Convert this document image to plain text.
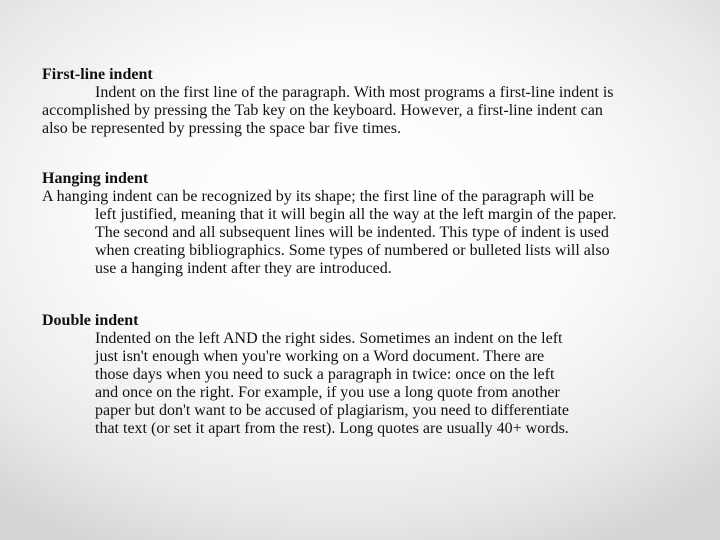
First-line indent

Indent on the first line of the paragraph. With most programs a first-line indent is

accomplished by pressing the Tab key on the keyboard. However, a first-line indent can

also be represented by pressing the space bar five times.

Hanging indent

A hanging indent can be recognized by its shape; the first line of the paragraph will be

left justified, meaning that it will begin all the way at the left margin of the paper.

The second and all subsequent lines will be indented. This type of indent is used

when creating bibliographics. Some types of numbered or bulleted lists will also

use a hanging indent after they are introduced.

Double indent

Indented on the left AND the right sides. Sometimes an indent on the left

just isn't enough when you're working on a Word document. There are

those days when you need to suck a paragraph in twice: once on the left

and once on the right. For example, if you use a long quote from another

paper but don't want to be accused of plagiarism, you need to differentiate

that text (or set it apart from the rest). Long quotes are usually 40+ words.
